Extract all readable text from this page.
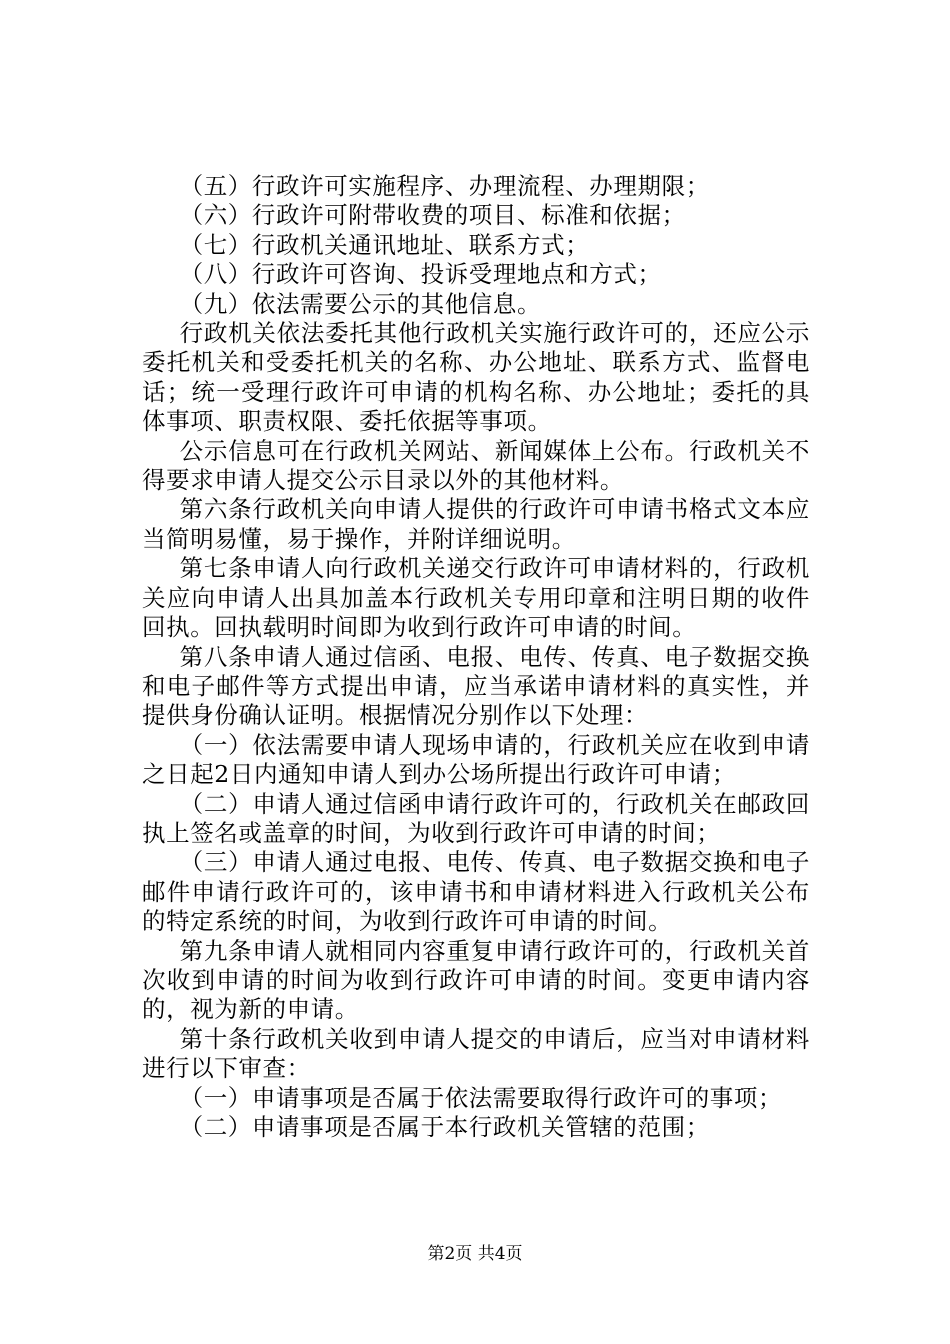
（五）行政许可实施程序、办理流程、办理期限；

（六）行政许可附带收费的项目、标准和依据；

（七）行政机关通讯地址、联系方式；

（八）行政许可咨询、投诉受理地点和方式；

（九）依法需要公示的其他信息。

行政机关依法委托其他行政机关实施行政许可的，还应公示委托机关和受委托机关的名称、办公地址、联系方式、监督电话；统一受理行政许可申请的机构名称、办公地址；委托的具体事项、职责权限、委托依据等事项。

公示信息可在行政机关网站、新闻媒体上公布。行政机关不得要求申请人提交公示目录以外的其他材料。

第六条行政机关向申请人提供的行政许可申请书格式文本应当简明易懂，易于操作，并附详细说明。

第七条申请人向行政机关递交行政许可申请材料的，行政机关应向申请人出具加盖本行政机关专用印章和注明日期的收件回执。回执载明时间即为收到行政许可申请的时间。

第八条申请人通过信函、电报、电传、传真、电子数据交换和电子邮件等方式提出申请，应当承诺申请材料的真实性，并提供身份确认证明。根据情况分别作以下处理：

（一）依法需要申请人现场申请的，行政机关应在收到申请之日起2日内通知申请人到办公场所提出行政许可申请；

（二）申请人通过信函申请行政许可的，行政机关在邮政回执上签名或盖章的时间，为收到行政许可申请的时间；

（三）申请人通过电报、电传、传真、电子数据交换和电子邮件申请行政许可的，该申请书和申请材料进入行政机关公布的特定系统的时间，为收到行政许可申请的时间。

第九条申请人就相同内容重复申请行政许可的，行政机关首次收到申请的时间为收到行政许可申请的时间。变更申请内容的，视为新的申请。

第十条行政机关收到申请人提交的申请后，应当对申请材料进行以下审查：

（一）申请事项是否属于依法需要取得行政许可的事项；

（二）申请事项是否属于本行政机关管辖的范围；

第2页 共4页
